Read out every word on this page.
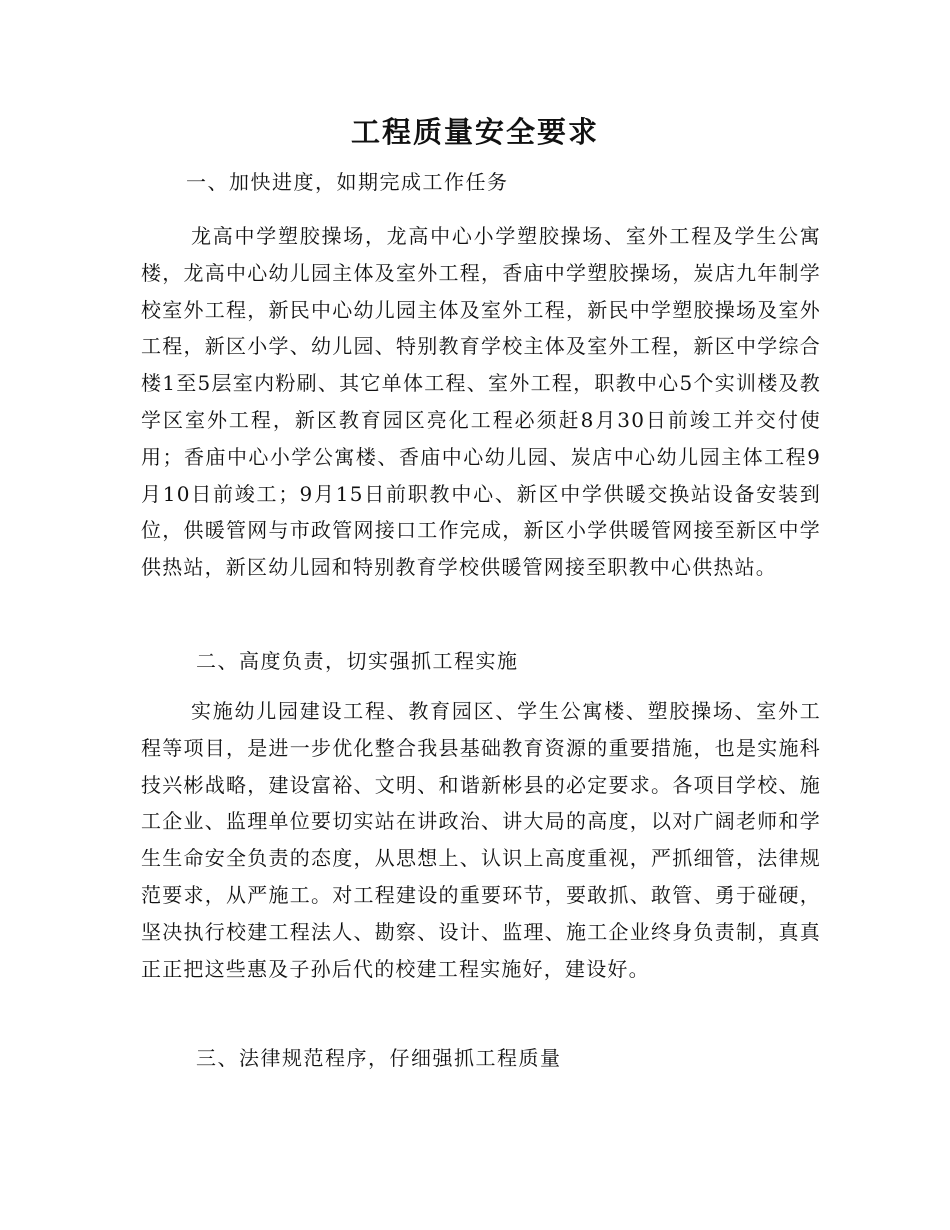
工程质量安全要求
一、加快进度，如期完成工作任务

龙高中学塑胶操场，龙高中心小学塑胶操场、室外工程及学生公寓楼，龙高中心幼儿园主体及室外工程，香庙中学塑胶操场，炭店九年制学校室外工程，新民中心幼儿园主体及室外工程，新民中学塑胶操场及室外工程，新区小学、幼儿园、特别教育学校主体及室外工程，新区中学综合楼1至5层室内粉刷、其它单体工程、室外工程，职教中心5个实训楼及教学区室外工程，新区教育园区亮化工程必须赶8月30日前竣工并交付使用；香庙中心小学公寓楼、香庙中心幼儿园、炭店中心幼儿园主体工程9月10日前竣工；9月15日前职教中心、新区中学供暖交换站设备安装到位，供暖管网与市政管网接口工作完成，新区小学供暖管网接至新区中学供热站，新区幼儿园和特别教育学校供暖管网接至职教中心供热站。

二、高度负责，切实强抓工程实施

实施幼儿园建设工程、教育园区、学生公寓楼、塑胶操场、室外工程等项目，是进一步优化整合我县基础教育资源的重要措施，也是实施科技兴彬战略，建设富裕、文明、和谐新彬县的必定要求。各项目学校、施工企业、监理单位要切实站在讲政治、讲大局的高度，以对广阔老师和学生生命安全负责的态度，从思想上、认识上高度重视，严抓细管，法律规范要求，从严施工。对工程建设的重要环节，要敢抓、敢管、勇于碰硬，坚决执行校建工程法人、勘察、设计、监理、施工企业终身负责制，真真正正把这些惠及子孙后代的校建工程实施好，建设好。

三、法律规范程序，仔细强抓工程质量
